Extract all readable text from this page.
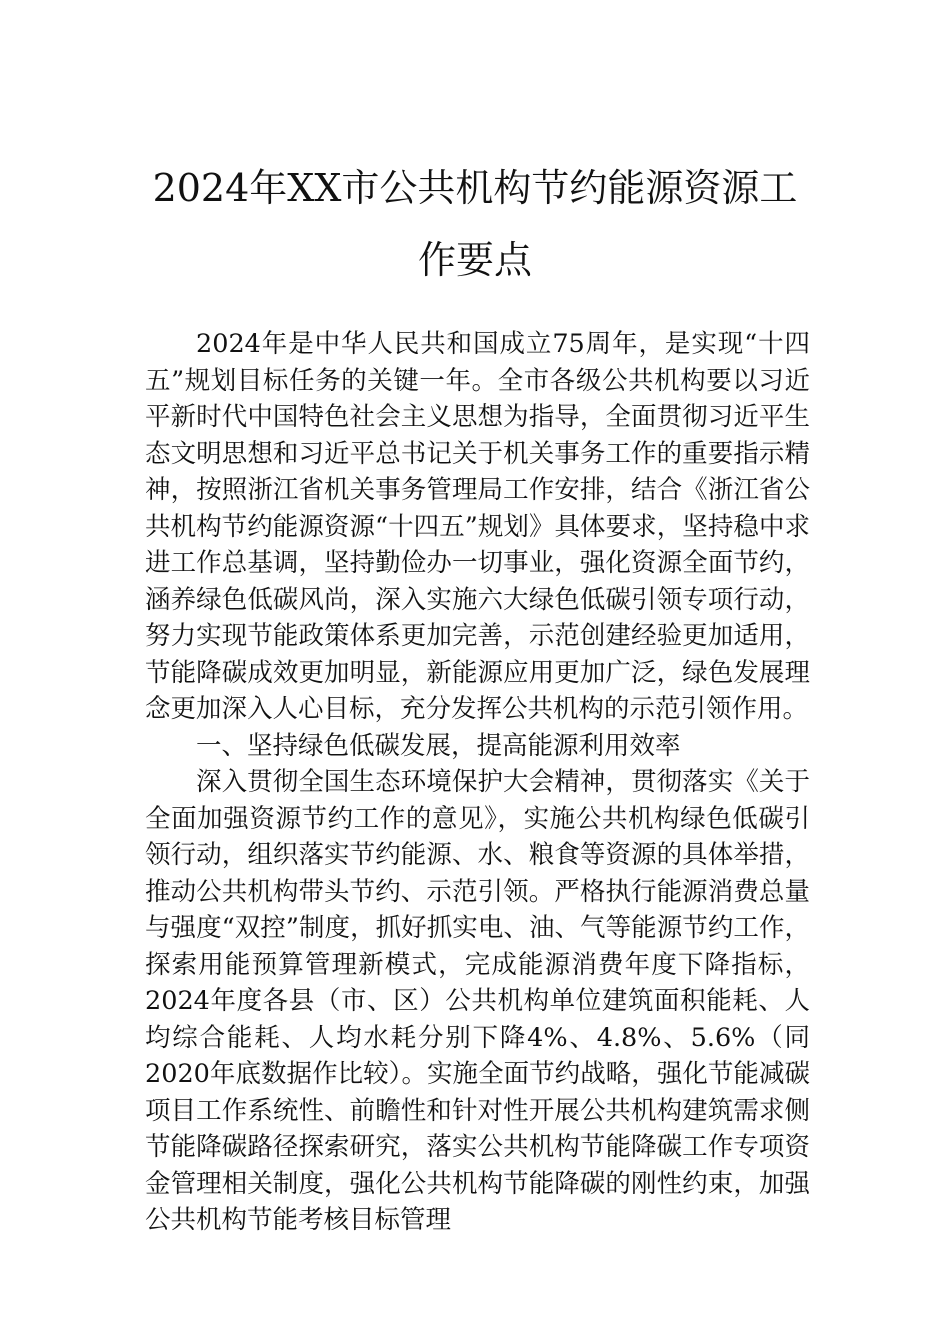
2024年XX市公共机构节约能源资源工作要点

2024年是中华人民共和国成立75周年，是实现“十四五”规划目标任务的关键一年。全市各级公共机构要以习近平新时代中国特色社会主义思想为指导，全面贯彻习近平生态文明思想和习近平总书记关于机关事务工作的重要指示精神，按照浙江省机关事务管理局工作安排，结合《浙江省公共机构节约能源资源“十四五”规划》具体要求，坚持稳中求进工作总基调，坚持勤俭办一切事业，强化资源全面节约，涵养绿色低碳风尚，深入实施六大绿色低碳引领专项行动，努力实现节能政策体系更加完善，示范创建经验更加适用，节能降碳成效更加明显，新能源应用更加广泛，绿色发展理念更加深入人心目标，充分发挥公共机构的示范引领作用。

一、坚持绿色低碳发展，提高能源利用效率

深入贯彻全国生态环境保护大会精神，贯彻落实《关于全面加强资源节约工作的意见》，实施公共机构绿色低碳引领行动，组织落实节约能源、水、粮食等资源的具体举措，推动公共机构带头节约、示范引领。严格执行能源消费总量与强度“双控”制度，抓好抓实电、油、气等能源节约工作，探索用能预算管理新模式，完成能源消费年度下降指标，2024年度各县（市、区）公共机构单位建筑面积能耗、人均综合能耗、人均水耗分别下降4%、4.8%、5.6%（同2020年底数据作比较）。实施全面节约战略，强化节能减碳项目工作系统性、前瞻性和针对性开展公共机构建筑需求侧节能降碳路径探索研究，落实公共机构节能降碳工作专项资金管理相关制度，强化公共机构节能降碳的刚性约束，加强公共机构节能考核目标管理
